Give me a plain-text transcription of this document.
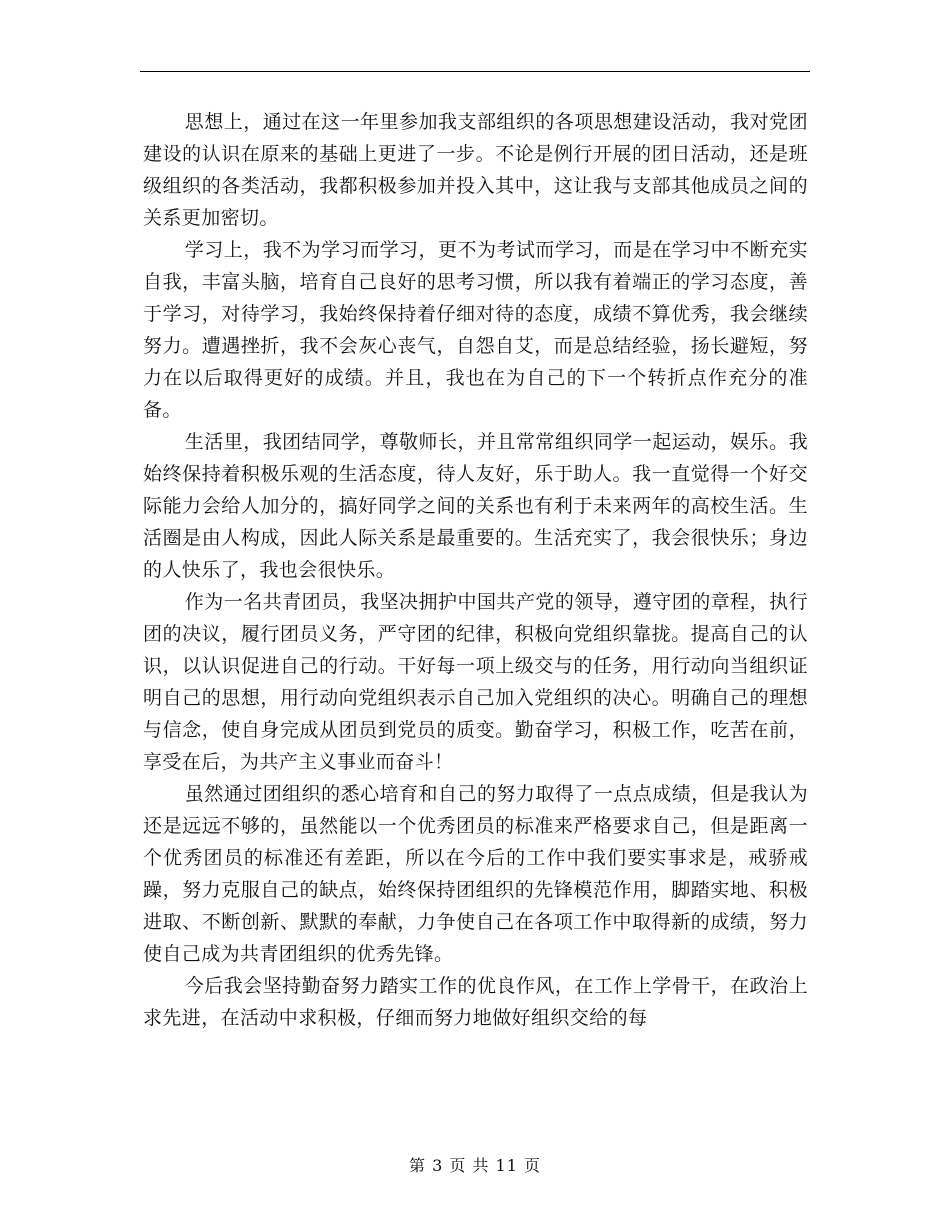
思想上，通过在这一年里参加我支部组织的各项思想建设活动，我对党团建设的认识在原来的基础上更进了一步。不论是例行开展的团日活动，还是班级组织的各类活动，我都积极参加并投入其中，这让我与支部其他成员之间的关系更加密切。

学习上，我不为学习而学习，更不为考试而学习，而是在学习中不断充实自我，丰富头脑，培育自己良好的思考习惯，所以我有着端正的学习态度，善于学习，对待学习，我始终保持着仔细对待的态度，成绩不算优秀，我会继续努力。遭遇挫折，我不会灰心丧气，自怨自艾，而是总结经验，扬长避短，努力在以后取得更好的成绩。并且，我也在为自己的下一个转折点作充分的准备。

生活里，我团结同学，尊敬师长，并且常常组织同学一起运动，娱乐。我始终保持着积极乐观的生活态度，待人友好，乐于助人。我一直觉得一个好交际能力会给人加分的，搞好同学之间的关系也有利于未来两年的高校生活。生活圈是由人构成，因此人际关系是最重要的。生活充实了，我会很快乐；身边的人快乐了，我也会很快乐。

作为一名共青团员，我坚决拥护中国共产党的领导，遵守团的章程，执行团的决议，履行团员义务，严守团的纪律，积极向党组织靠拢。提高自己的认识，以认识促进自己的行动。干好每一项上级交与的任务，用行动向当组织证明自己的思想，用行动向党组织表示自己加入党组织的决心。明确自己的理想与信念，使自身完成从团员到党员的质变。勤奋学习，积极工作，吃苦在前，享受在后，为共产主义事业而奋斗！

虽然通过团组织的悉心培育和自己的努力取得了一点点成绩，但是我认为还是远远不够的，虽然能以一个优秀团员的标准来严格要求自己，但是距离一个优秀团员的标准还有差距，所以在今后的工作中我们要实事求是，戒骄戒躁，努力克服自己的缺点，始终保持团组织的先锋模范作用，脚踏实地、积极进取、不断创新、默默的奉献，力争使自己在各项工作中取得新的成绩，努力使自己成为共青团组织的优秀先锋。

今后我会坚持勤奋努力踏实工作的优良作风，在工作上学骨干，在政治上求先进，在活动中求积极，仔细而努力地做好组织交给的每

第 3 页 共 11 页
